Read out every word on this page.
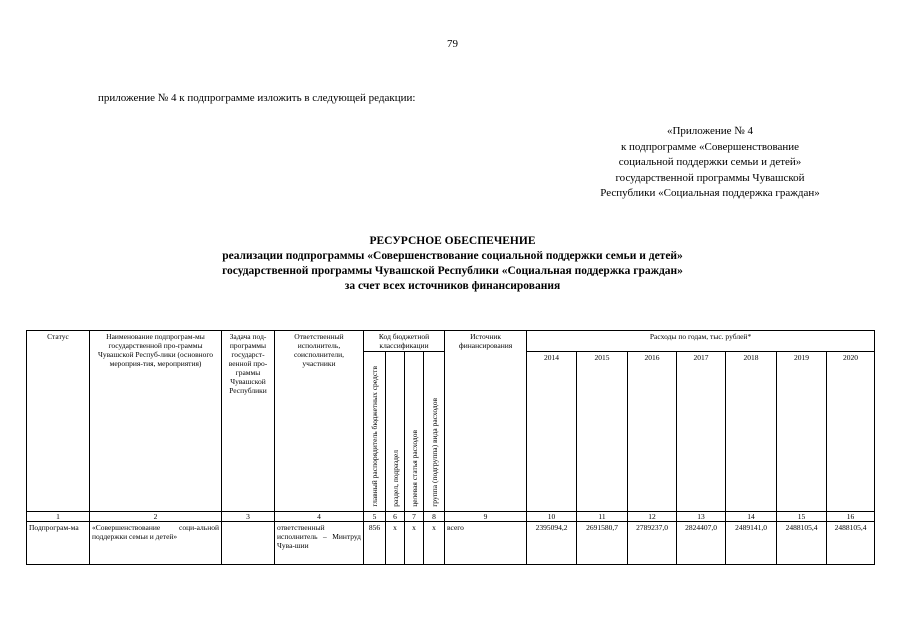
79
приложение № 4 к подпрограмме изложить в следующей редакции:
«Приложение № 4
к подпрограмме «Совершенствование
социальной поддержки семьи и детей»
государственной программы Чувашской
Республики «Социальная поддержка граждан»
РЕСУРСНОЕ ОБЕСПЕЧЕНИЕ
реализации подпрограммы «Совершенствование социальной поддержки семьи и детей»
государственной программы Чувашской Республики «Социальная поддержка граждан»
за счет всех источников финансирования
Статус	Наименование подпрограм-мы государственной про-граммы Чувашской Респуб-лики (основного мероприя-тия, мероприятия)	Задача под-программы государст-венной про-граммы Чувашской Республики	Ответственный исполнитель, соисполнители, участники	Код бюджетной классификации				Источник финансирования	Расходы по годам, тыс. рублей*						
				главный распорядитель бюджетных средств	раздел, подраздел	целевая статья расходов	группа (подгруппа) вида расходов		2014	2015	2016	2017	2018	2019	2020
1	2	3	4	5	6	7	8	9	10	11	12	13	14	15	16
Подпрограм-ма	«Совершенствование соци-альной поддержки семьи и детей»		ответственный исполнитель – Минтруд Чува-шии	856	х	х	х	всего	2395094,2	2691580,7	2789237,0	2824407,0	2489141,0	2488105,4	2488105,4
